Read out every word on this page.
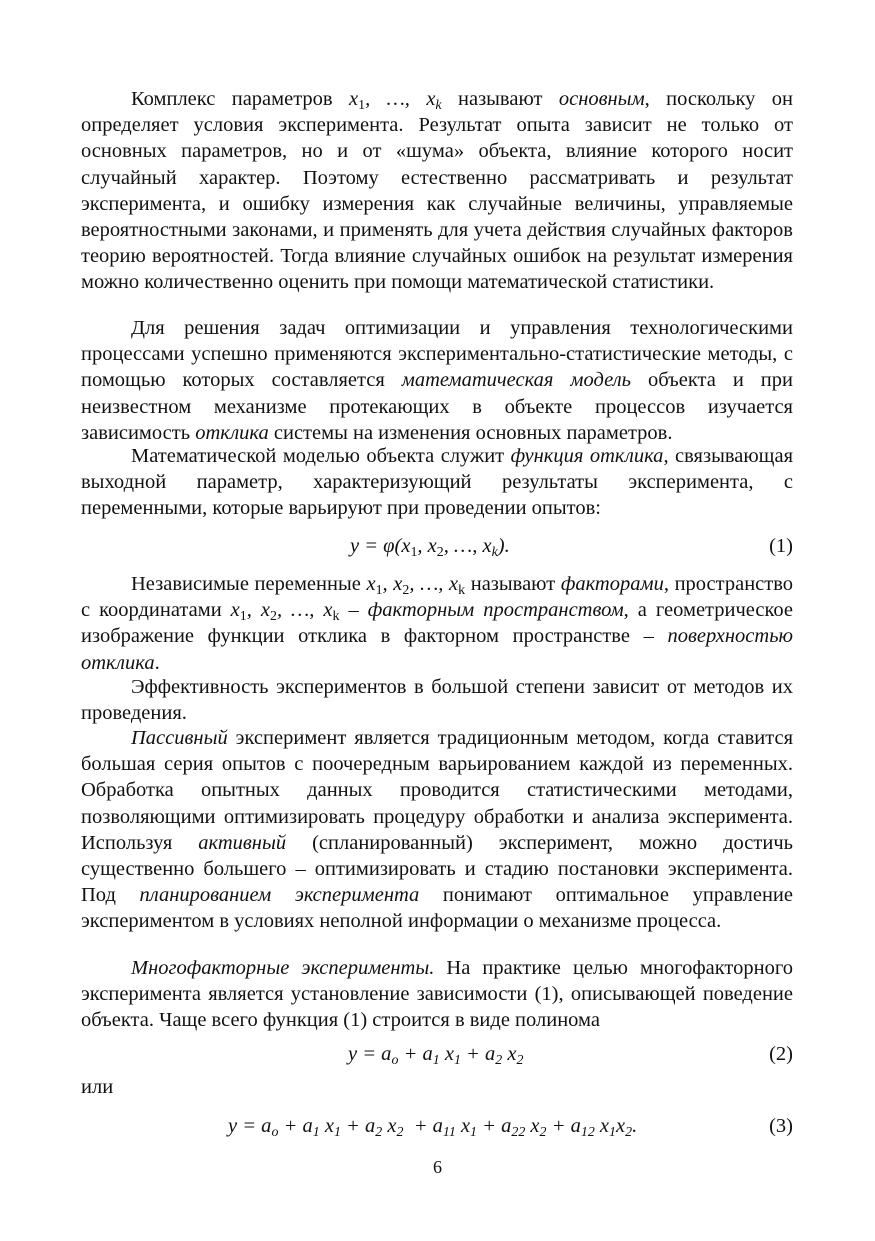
Комплекс параметров $x_1$, …, $x_k$ называют основным, поскольку он определяет условия эксперимента. Результат опыта зависит не только от основных параметров, но и от «шума» объекта, влияние которого носит случайный характер. Поэтому естественно рассматривать и результат эксперимента, и ошибку измерения как случайные величины, управляемые вероятностными законами, и применять для учета действия случайных факторов теорию вероятностей. Тогда влияние случайных ошибок на результат измерения можно количественно оценить при помощи математической статистики.

Для решения задач оптимизации и управления технологическими процессами успешно применяются экспериментально-статистические методы, с помощью которых составляется математическая модель объекта и при неизвестном механизме протекающих в объекте процессов изучается зависимость отклика системы на изменения основных параметров.

Математической моделью объекта служит функция отклика, связывающая выходной параметр, характеризующий результаты эксперимента, с переменными, которые варьируют при проведении опытов:

$y = \varphi(x_1$, $x_2$, …, $x_k$).	(1)

Независимые переменные $x_1$, $x_2$, …, $x_k$ называют факторами, пространство с координатами $x_1$, $x_2$, …, $x_k$ – факторным пространством, а геометрическое изображение функции отклика в факторном пространстве – поверхностью отклика.

Эффективность экспериментов в большой степени зависит от методов их проведения.

Пассивный эксперимент является традиционным методом, когда ставится большая серия опытов с поочередным варьированием каждой из переменных. Обработка опытных данных проводится статистическими методами, позволяющими оптимизировать процедуру обработки и анализа эксперимента. Используя активный (спланированный) эксперимент, можно достичь существенно большего – оптимизировать и стадию постановки эксперимента. Под планированием эксперимента понимают оптимальное управление экспериментом в условиях неполной информации о механизме процесса.

Многофакторные эксперименты. На практике целью многофакторного эксперимента является установление зависимости (1), описывающей поведение объекта. Чаще всего функция (1) строится в виде полинома

$y = a_o + a_1$ $x_1 + a_2$ $x_2$	(2)
или
$y = a_o + a_1$ $x_1 + a_2$ $x_2 + a_{11}$ $x_1 + a_{22}$ $x_2 + a_{12}$ $x_1x_2$.	(3)
6
